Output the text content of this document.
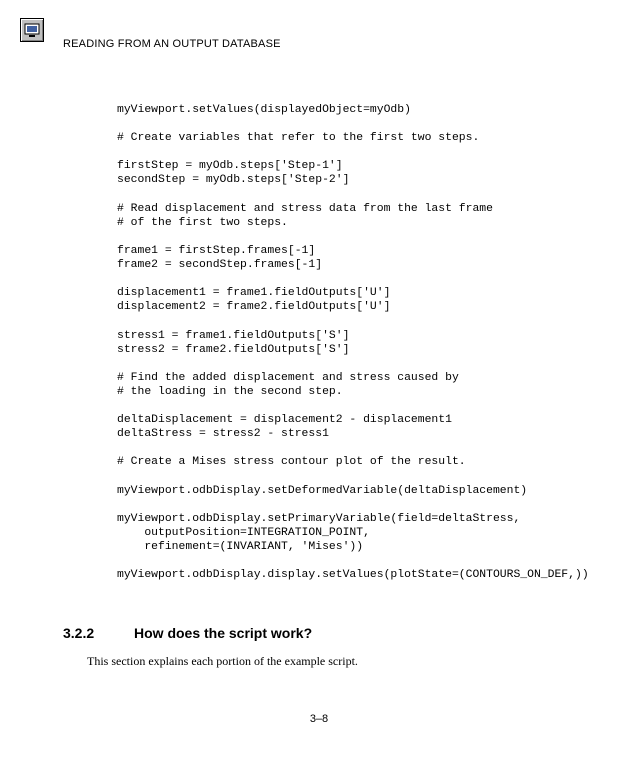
READING FROM AN OUTPUT DATABASE
myViewport.setValues(displayedObject=myOdb)
# Create variables that refer to the first two steps.
firstStep = myOdb.steps['Step-1']
secondStep = myOdb.steps['Step-2']
# Read displacement and stress data from the last frame
# of the first two steps.
frame1 = firstStep.frames[-1]
frame2 = secondStep.frames[-1]
displacement1 = frame1.fieldOutputs['U']
displacement2 = frame2.fieldOutputs['U']
stress1 = frame1.fieldOutputs['S']
stress2 = frame2.fieldOutputs['S']
# Find the added displacement and stress caused by
# the loading in the second step.
deltaDisplacement = displacement2 - displacement1
deltaStress = stress2 - stress1
# Create a Mises stress contour plot of the result.
myViewport.odbDisplay.setDeformedVariable(deltaDisplacement)
myViewport.odbDisplay.setPrimaryVariable(field=deltaStress,
outputPosition=INTEGRATION_POINT,
refinement=(INVARIANT, 'Mises'))
myViewport.odbDisplay.display.setValues(plotState=(CONTOURS_ON_DEF,))
3.2.2	How does the script work?
This section explains each portion of the example script.
3–8
